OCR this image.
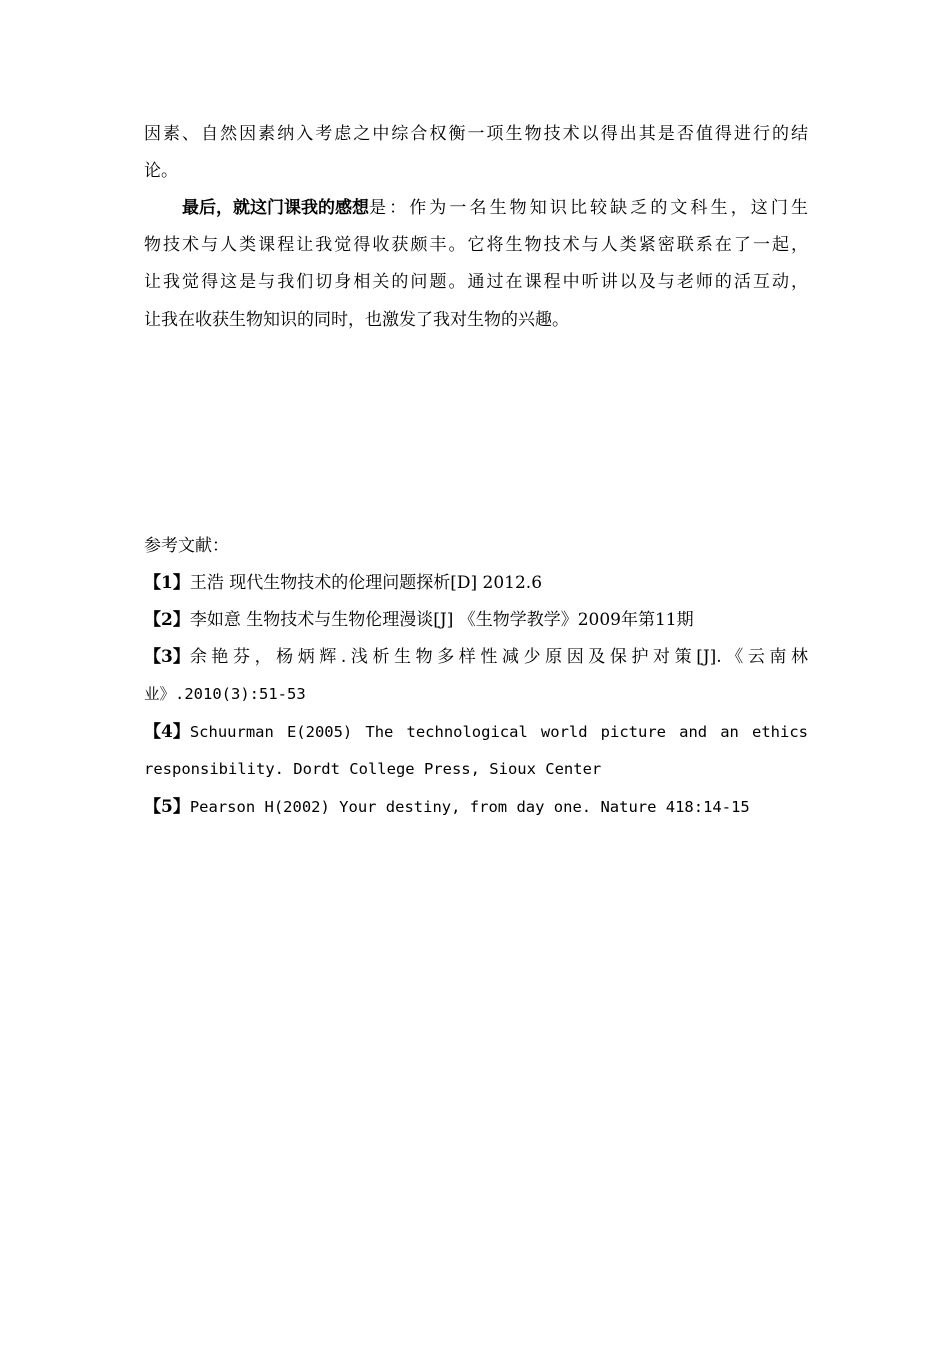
因素、自然因素纳入考虑之中综合权衡一项生物技术以得出其是否值得进行的结
论。
最后，就这门课我的感想 是：作为一名生物知识比较缺乏的文科生，这门生
物技术与人类课程让我觉得收获颇丰。它将生物技术与人类紧密联系在了一起，
让我觉得这是与我们切身相关的问题。通过在课程中听讲以及与老师的活互动，
让我在收获生物知识的同时，也激发了我对生物的兴趣。
参考文献：
【1】王浩 现代生物技术的伦理问题探析[D] 2012.6
【2】李如意 生物技术与生物伦理漫谈[J] 《生物学教学》2009年第11期
【3】 余艳芬，杨炳辉.浅析生物多样性减少原因及保护对策[J].《云南林
业》.2010(3):51-53
【4】 Schuurman E(2005) The technological world picture and an ethics
responsibility. Dordt College Press, Sioux Center
【5】Pearson H(2002) Your destiny, from day one. Nature 418:14-15
